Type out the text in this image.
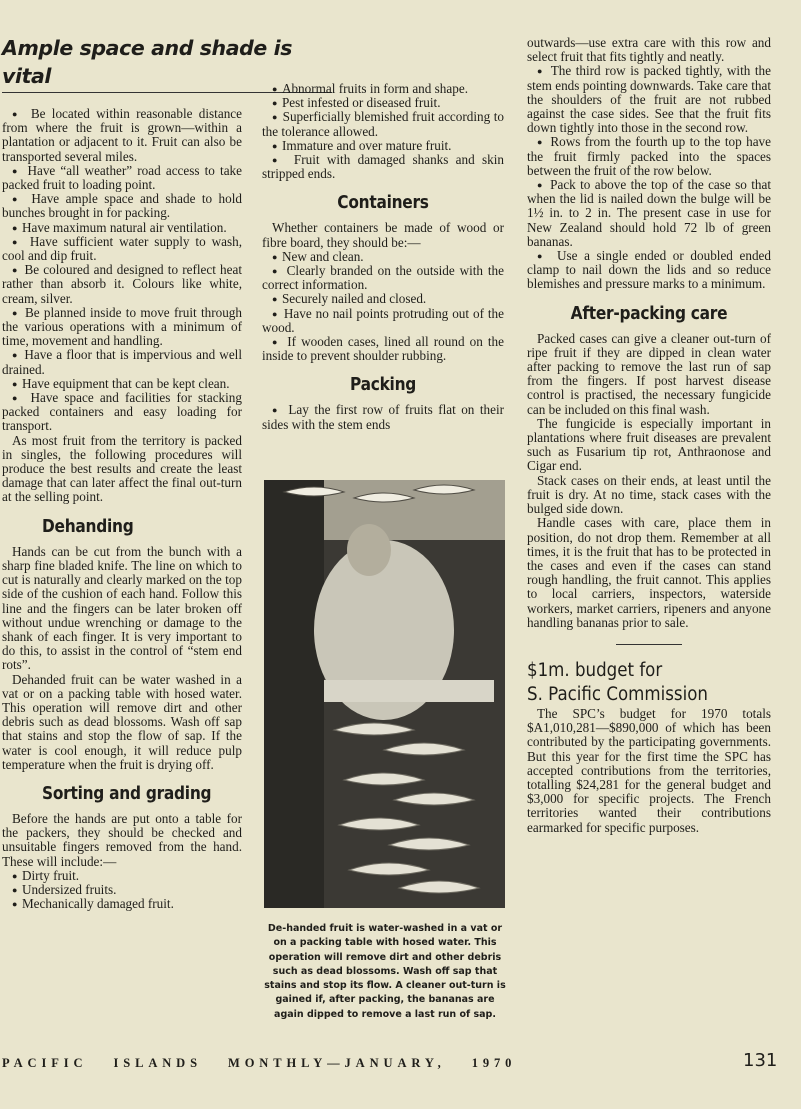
Ample space and shade is vital

●  Be located within reasonable distance from where the fruit is grown—within a plantation or adjacent to it. Fruit can also be transported several miles.

●  Have “all weather” road access to take packed fruit to loading point.

●  Have ample space and shade to hold bunches brought in for packing.

●  Have maximum natural air ventilation.

●  Have sufficient water supply to wash, cool and dip fruit.

●  Be coloured and designed to reflect heat rather than absorb it. Colours like white, cream, silver.

●  Be planned inside to move fruit through the various operations with a minimum of time, movement and handling.

●  Have a floor that is impervious and well drained.

●  Have equipment that can be kept clean.

●  Have space and facilities for stacking packed containers and easy loading for transport.

As most fruit from the territory is packed in singles, the following procedures will produce the best results and create the least damage that can later affect the final out-turn at the selling point.

Dehanding

Hands can be cut from the bunch with a sharp fine bladed knife. The line on which to cut is naturally and clearly marked on the top side of the cushion of each hand. Follow this line and the fingers can be later broken off without undue wrenching or damage to the shank of each finger. It is very important to do this, to assist in the control of “stem end rots”.

Dehanded fruit can be water washed in a vat or on a packing table with hosed water. This operation will remove dirt and other debris such as dead blossoms. Wash off sap that stains and stop the flow of sap. If the water is cool enough, it will reduce pulp temperature when the fruit is drying off.

Sorting and grading

Before the hands are put onto a table for the packers, they should be checked and unsuitable fingers removed from the hand. These will include:—

●  Dirty fruit.

●  Undersized fruits.

●  Mechanically damaged fruit.

●  Abnormal fruits in form and shape.

●  Pest infested or diseased fruit.

●  Superficially blemished fruit according to the tolerance allowed.

●  Immature and over mature fruit.

●  Fruit with damaged shanks and skin stripped ends.

Containers

Whether containers be made of wood or fibre board, they should be:—

●  New and clean.

●  Clearly branded on the outside with the correct information.

●  Securely nailed and closed.

●  Have no nail points protruding out of the wood.

●  If wooden cases, lined all round on the inside to prevent shoulder rubbing.

Packing

●  Lay the first row of fruits flat on their sides with the stem ends

De-handed fruit is water-washed in a vat or on a packing table with hosed water. This operation will remove dirt and other debris such as dead blossoms. Wash off sap that stains and stop its flow. A cleaner out-turn is gained if, after packing, the bananas are again dipped to remove a last run of sap.

outwards—use extra care with this row and select fruit that fits tightly and neatly.

●  The third row is packed tightly, with the stem ends pointing downwards. Take care that the shoulders of the fruit are not rubbed against the case sides. See that the fruit fits down tightly into those in the second row.

●  Rows from the fourth up to the top have the fruit firmly packed into the spaces between the fruit of the row below.

●  Pack to above the top of the case so that when the lid is nailed down the bulge will be 1½ in. to 2 in. The present case in use for New Zealand should hold 72 lb of green bananas.

●  Use a single ended or doubled ended clamp to nail down the lids and so reduce blemishes and pressure marks to a minimum.

After-packing care

Packed cases can give a cleaner out-turn of ripe fruit if they are dipped in clean water after packing to remove the last run of sap from the fingers. If post harvest disease control is practised, the necessary fungicide can be included on this final wash.

The fungicide is especially important in plantations where fruit diseases are prevalent such as Fusarium tip rot, Anthraonose and Cigar end.

Stack cases on their ends, at least until the fruit is dry. At no time, stack cases with the bulged side down.

Handle cases with care, place them in position, do not drop them. Remember at all times, it is the fruit that has to be protected in the cases and even if the cases can stand rough handling, the fruit cannot. This applies to local carriers, inspectors, waterside workers, market carriers, ripeners and anyone handling bananas prior to sale.

$1m. budget for
S. Pacific Commission

The SPC’s budget for 1970 totals $A1,010,281—$890,000 of which has been contributed by the participating governments. But this year for the first time the SPC has accepted contributions from the territories, totalling $24,281 for the general budget and $3,000 for specific projects. The French territories wanted their contributions earmarked for specific purposes.

PACIFIC ISLANDS MONTHLY—JANUARY, 1970	131
